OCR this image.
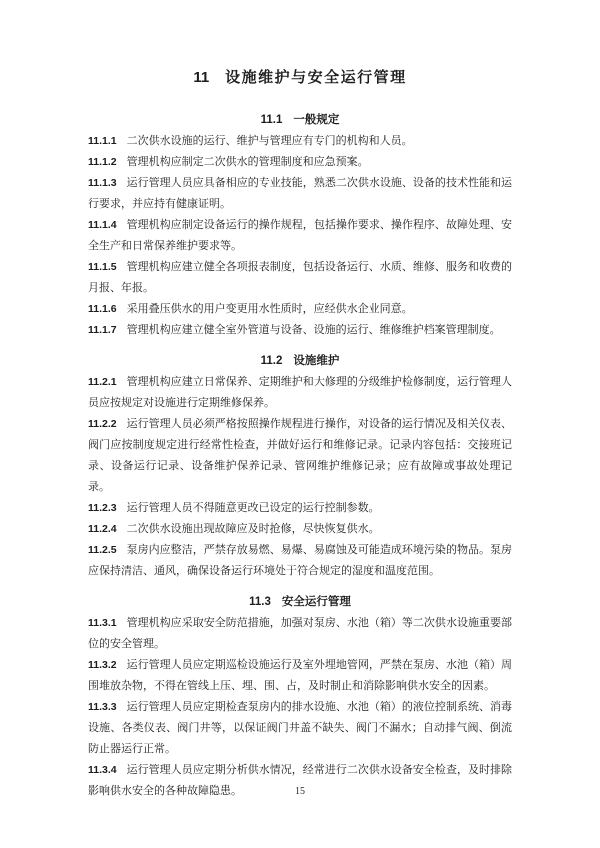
11 设施维护与安全运行管理
11.1 一般规定

11.1.1 二次供水设施的运行、维护与管理应有专门的机构和人员。

11.1.2 管理机构应制定二次供水的管理制度和应急预案。

11.1.3 运行管理人员应具备相应的专业技能，熟悉二次供水设施、设备的技术性能和运行要求，并应持有健康证明。

11.1.4 管理机构应制定设备运行的操作规程，包括操作要求、操作程序、故障处理、安全生产和日常保养维护要求等。

11.1.5 管理机构应建立健全各项报表制度，包括设备运行、水质、维修、服务和收费的月报、年报。

11.1.6 采用叠压供水的用户变更用水性质时，应经供水企业同意。

11.1.7 管理机构应建立健全室外管道与设备、设施的运行、维修维护档案管理制度。

11.2 设施维护

11.2.1 管理机构应建立日常保养、定期维护和大修理的分级维护检修制度，运行管理人员应按规定对设施进行定期维修保养。

11.2.2 运行管理人员必须严格按照操作规程进行操作，对设备的运行情况及相关仪表、阀门应按制度规定进行经常性检查，并做好运行和维修记录。记录内容包括：交接班记录、设备运行记录、设备维护保养记录、管网维护维修记录；应有故障或事故处理记录。

11.2.3 运行管理人员不得随意更改已设定的运行控制参数。

11.2.4 二次供水设施出现故障应及时抢修，尽快恢复供水。

11.2.5 泵房内应整洁，严禁存放易燃、易爆、易腐蚀及可能造成环境污染的物品。泵房应保持清洁、通风，确保设备运行环境处于符合规定的湿度和温度范围。

11.3 安全运行管理

11.3.1 管理机构应采取安全防范措施，加强对泵房、水池（箱）等二次供水设施重要部位的安全管理。

11.3.2 运行管理人员应定期巡检设施运行及室外埋地管网，严禁在泵房、水池（箱）周围堆放杂物，不得在管线上压、埋、围、占，及时制止和消除影响供水安全的因素。

11.3.3 运行管理人员应定期检查泵房内的排水设施、水池（箱）的液位控制系统、消毒设施、各类仪表、阀门井等，以保证阀门井盖不缺失、阀门不漏水；自动排气阀、倒流防止器运行正常。

11.3.4 运行管理人员应定期分析供水情况，经常进行二次供水设备安全检查，及时排除影响供水安全的各种故障隐患。	15
